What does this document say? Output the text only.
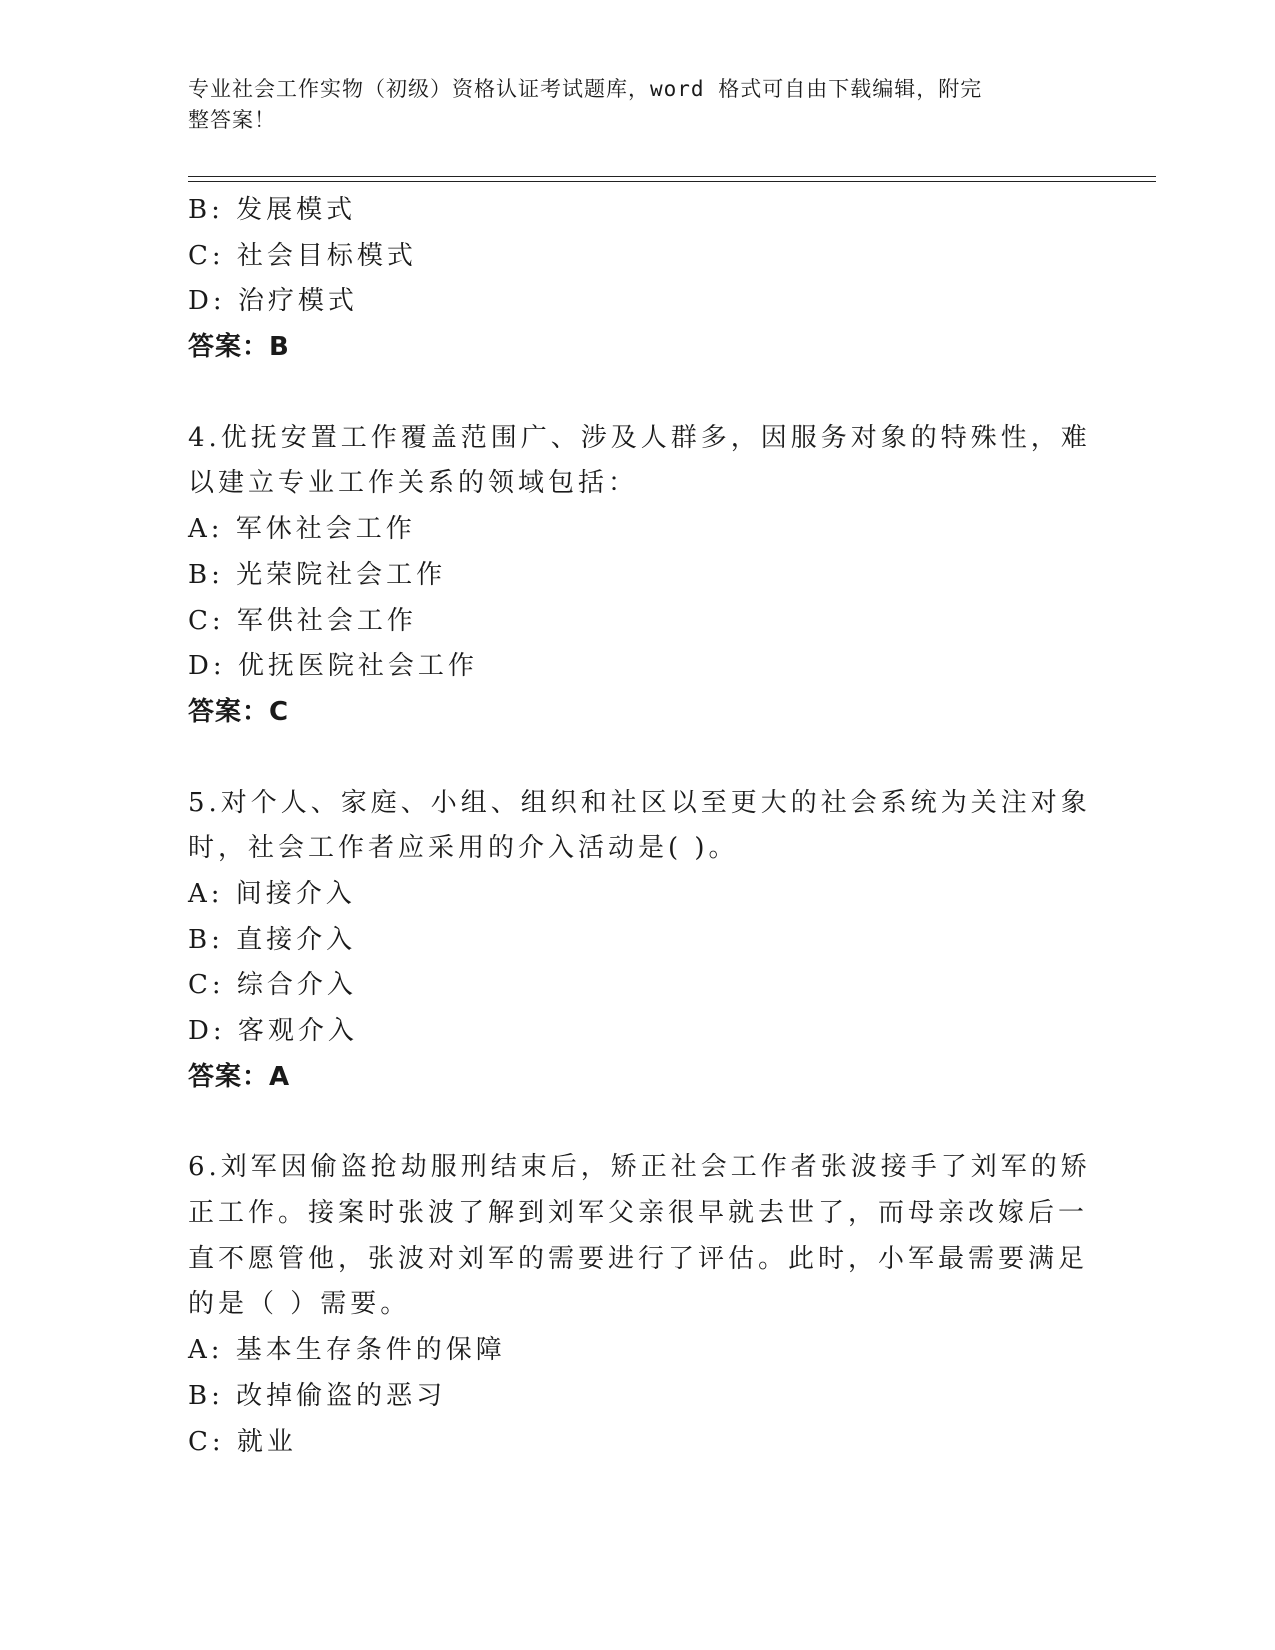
专业社会工作实物（初级）资格认证考试题库，word 格式可自由下载编辑，附完
整答案！
B: 发展模式
C: 社会目标模式
D: 治疗模式
答案：B
4.优抚安置工作覆盖范围广、涉及人群多，因服务对象的特殊性，难
以建立专业工作关系的领域包括：
A: 军休社会工作
B: 光荣院社会工作
C: 军供社会工作
D: 优抚医院社会工作
答案：C
5.对个人、家庭、小组、组织和社区以至更大的社会系统为关注对象
时，社会工作者应采用的介入活动是( )。
A: 间接介入
B: 直接介入
C: 综合介入
D: 客观介入
答案：A
6.刘军因偷盗抢劫服刑结束后，矫正社会工作者张波接手了刘军的矫
正工作。接案时张波了解到刘军父亲很早就去世了，而母亲改嫁后一
直不愿管他，张波对刘军的需要进行了评估。此时，小军最需要满足
的是（ ）需要。
A: 基本生存条件的保障
B: 改掉偷盗的恶习
C: 就业
